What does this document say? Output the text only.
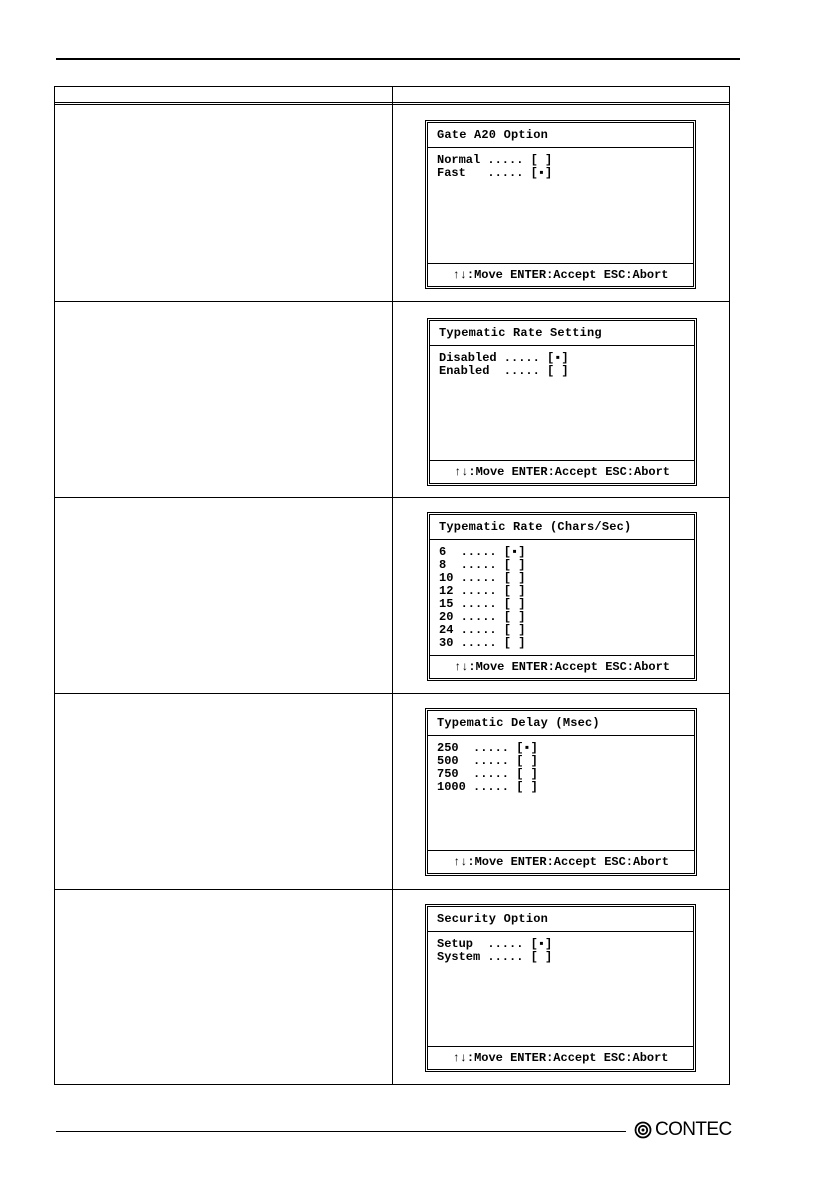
Gate A20 Option
Normal ..... [ ]
Fast   ..... [▪]
↑↓:Move ENTER:Accept ESC:Abort
Typematic Rate Setting
Disabled ..... [▪]
Enabled  ..... [ ]
↑↓:Move ENTER:Accept ESC:Abort
Typematic Rate (Chars/Sec)
6  ..... [▪]
8  ..... [ ]
10 ..... [ ]
12 ..... [ ]
15 ..... [ ]
20 ..... [ ]
24 ..... [ ]
30 ..... [ ]
↑↓:Move ENTER:Accept ESC:Abort
Typematic Delay (Msec)
250  ..... [▪]
500  ..... [ ]
750  ..... [ ]
1000 ..... [ ]
↑↓:Move ENTER:Accept ESC:Abort
Security Option
Setup  ..... [▪]
System ..... [ ]
↑↓:Move ENTER:Accept ESC:Abort
CONTEC
